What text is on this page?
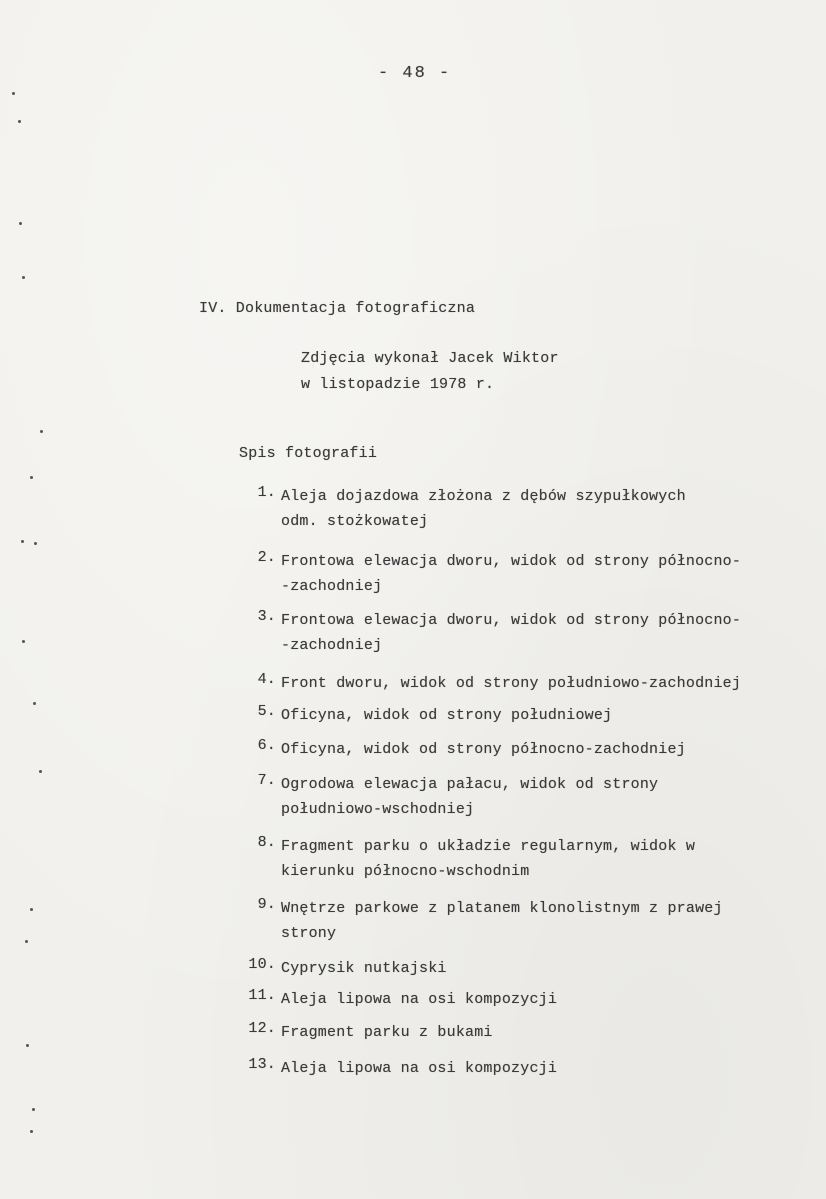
- 48 -
IV. Dokumentacja fotograficzna
Zdjęcia wykonał Jacek Wiktor
w listopadzie 1978 r.
Spis fotografii
1. Aleja dojazdowa złożona z dębów szypułkowych
odm. stożkowatej
2. Frontowa elewacja dworu, widok od strony północno-
-zachodniej
3. Frontowa elewacja dworu, widok od strony północno-
-zachodniej
4. Front dworu, widok od strony południowo-zachodniej
5. Oficyna, widok od strony południowej
6. Oficyna, widok od strony północno-zachodniej
7. Ogrodowa elewacja pałacu, widok od strony
południowo-wschodniej
8. Fragment parku o układzie regularnym, widok w
kierunku północno-wschodnim
9. Wnętrze parkowe z platanem klonolistnym z prawej
strony
10. Cyprysik nutkajski
11. Aleja lipowa na osi kompozycji
12. Fragment parku z bukami
13. Aleja lipowa na osi kompozycji
